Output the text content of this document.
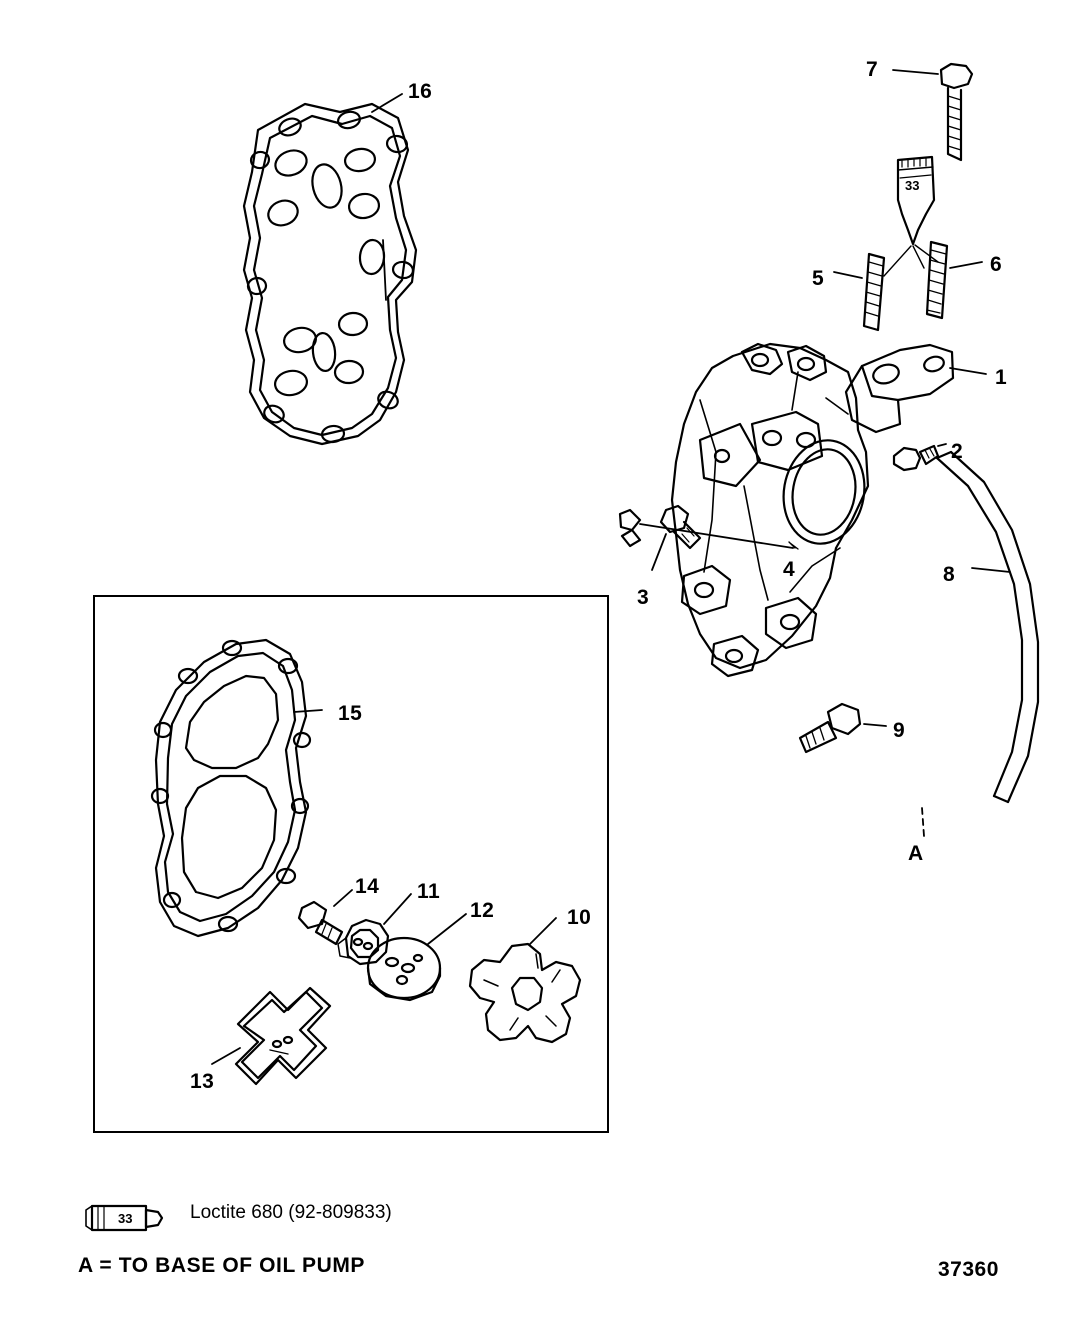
33
33
16
7
5
6
1
2
4
3
8
9
15
14 11
12	10
13
A
Loctite 680 (92-809833)
A = TO BASE OF OIL PUMP	37360
